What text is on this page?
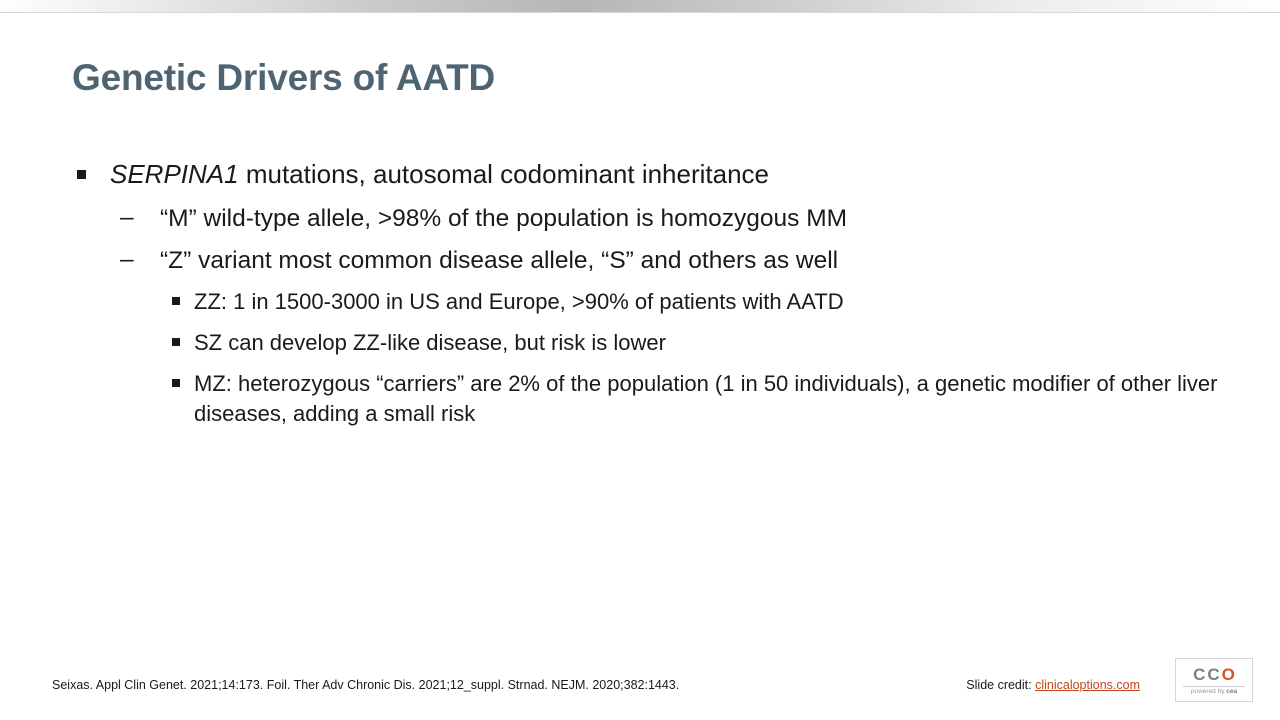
Genetic Drivers of AATD
SERPINA1 mutations, autosomal codominant inheritance
– “M” wild-type allele, >98% of the population is homozygous MM
– “Z” variant most common disease allele, “S” and others as well
ZZ: 1 in 1500-3000 in US and Europe, >90% of patients with AATD
SZ can develop ZZ-like disease, but risk is lower
MZ: heterozygous “carriers” are 2% of the population (1 in 50 individuals), a genetic modifier of other liver diseases, adding a small risk
Seixas. Appl Clin Genet. 2021;14:173. Foil. Ther Adv Chronic Dis. 2021;12_suppl. Strnad. NEJM. 2020;382:1443.	Slide credit: clinicaloptions.com
C C O
powered by cea
